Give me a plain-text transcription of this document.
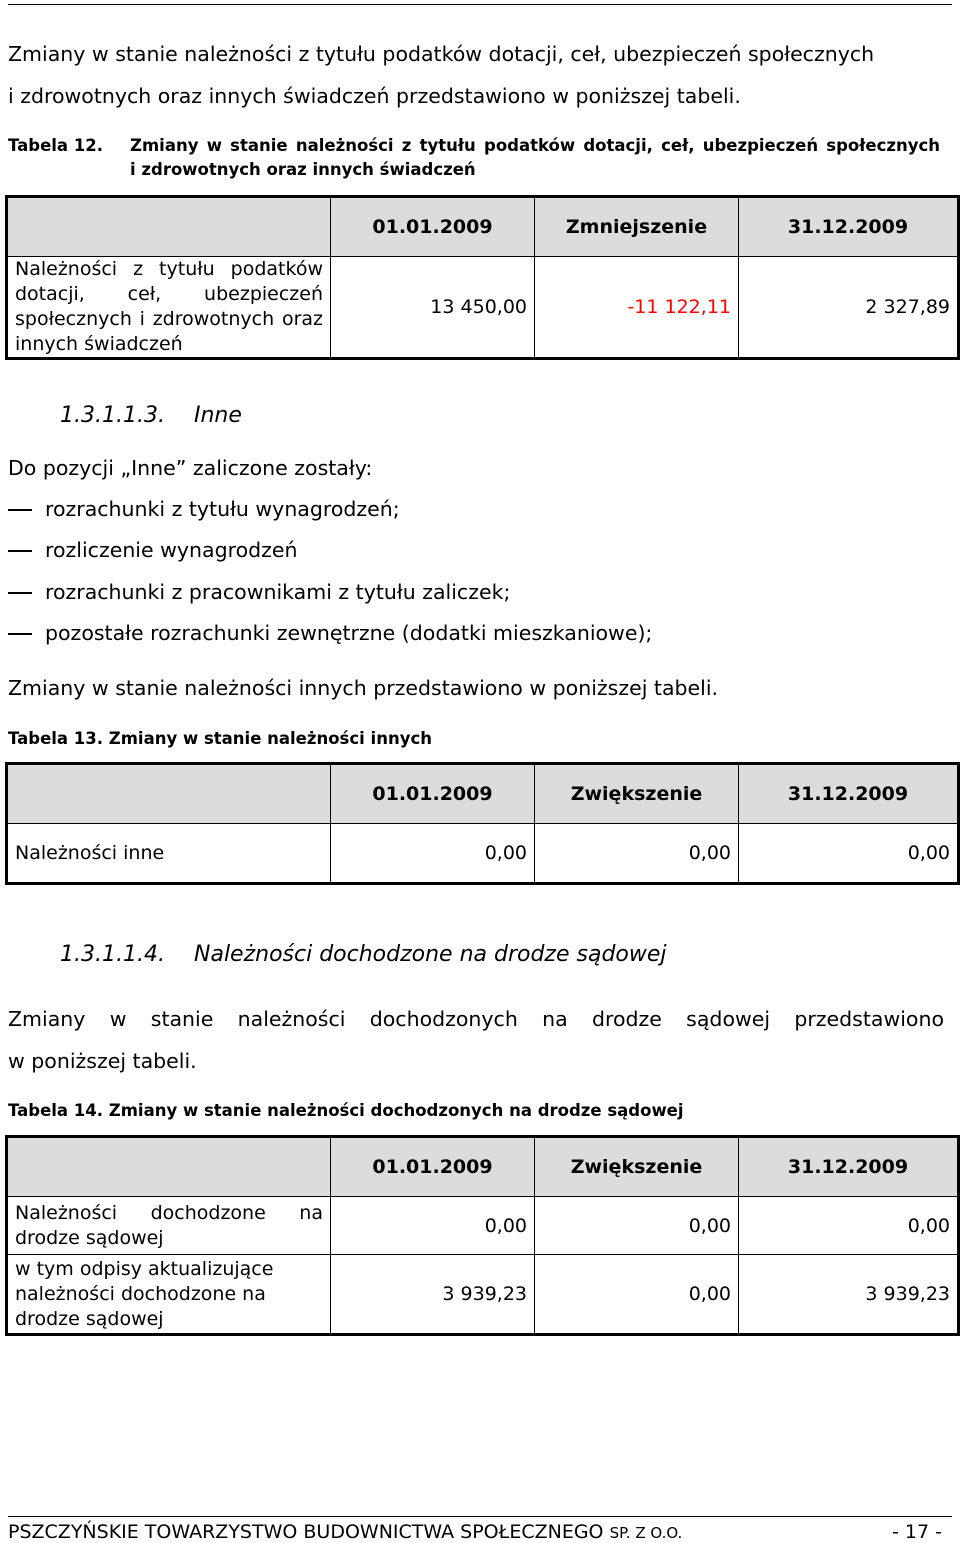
Zmiany w stanie należności z tytułu podatków dotacji, ceł, ubezpieczeń społecznych
i zdrowotnych oraz innych świadczeń przedstawiono w poniższej tabeli.
Tabela 12. Zmiany w stanie należności z tytułu podatków dotacji, ceł, ubezpieczeń społecznych
i zdrowotnych oraz innych świadczeń
	01.01.2009	Zmniejszenie	31.12.2009
Należności z tytułu podatków dotacji, ceł, ubezpieczeń społecznych i zdrowotnych oraz innych świadczeń	13 450,00	-11 122,11	2 327,89
1.3.1.1.3. Inne
Do pozycji „Inne” zaliczone zostały:
rozrachunki z tytułu wynagrodzeń;
rozliczenie wynagrodzeń
rozrachunki z pracownikami z tytułu zaliczek;
pozostałe rozrachunki zewnętrzne (dodatki mieszkaniowe);
Zmiany w stanie należności innych przedstawiono w poniższej tabeli.
Tabela 13. Zmiany w stanie należności innych
	01.01.2009	Zwiększenie	31.12.2009
Należności inne	0,00	0,00	0,00
1.3.1.1.4. Należności dochodzone na drodze sądowej
Zmiany w stanie należności dochodzonych na drodze sądowej przedstawiono
w poniższej tabeli.
Tabela 14. Zmiany w stanie należności dochodzonych na drodze sądowej
	01.01.2009	Zwiększenie	31.12.2009
Należności dochodzone na drodze sądowej	0,00	0,00	0,00
w tym odpisy aktualizujące należności dochodzone na drodze sądowej	3 939,23	0,00	3 939,23
PSZCZYŃSKIE TOWARZYSTWO BUDOWNICTWA SPOŁECZNEGO SP. Z O.O.	- 17 -
